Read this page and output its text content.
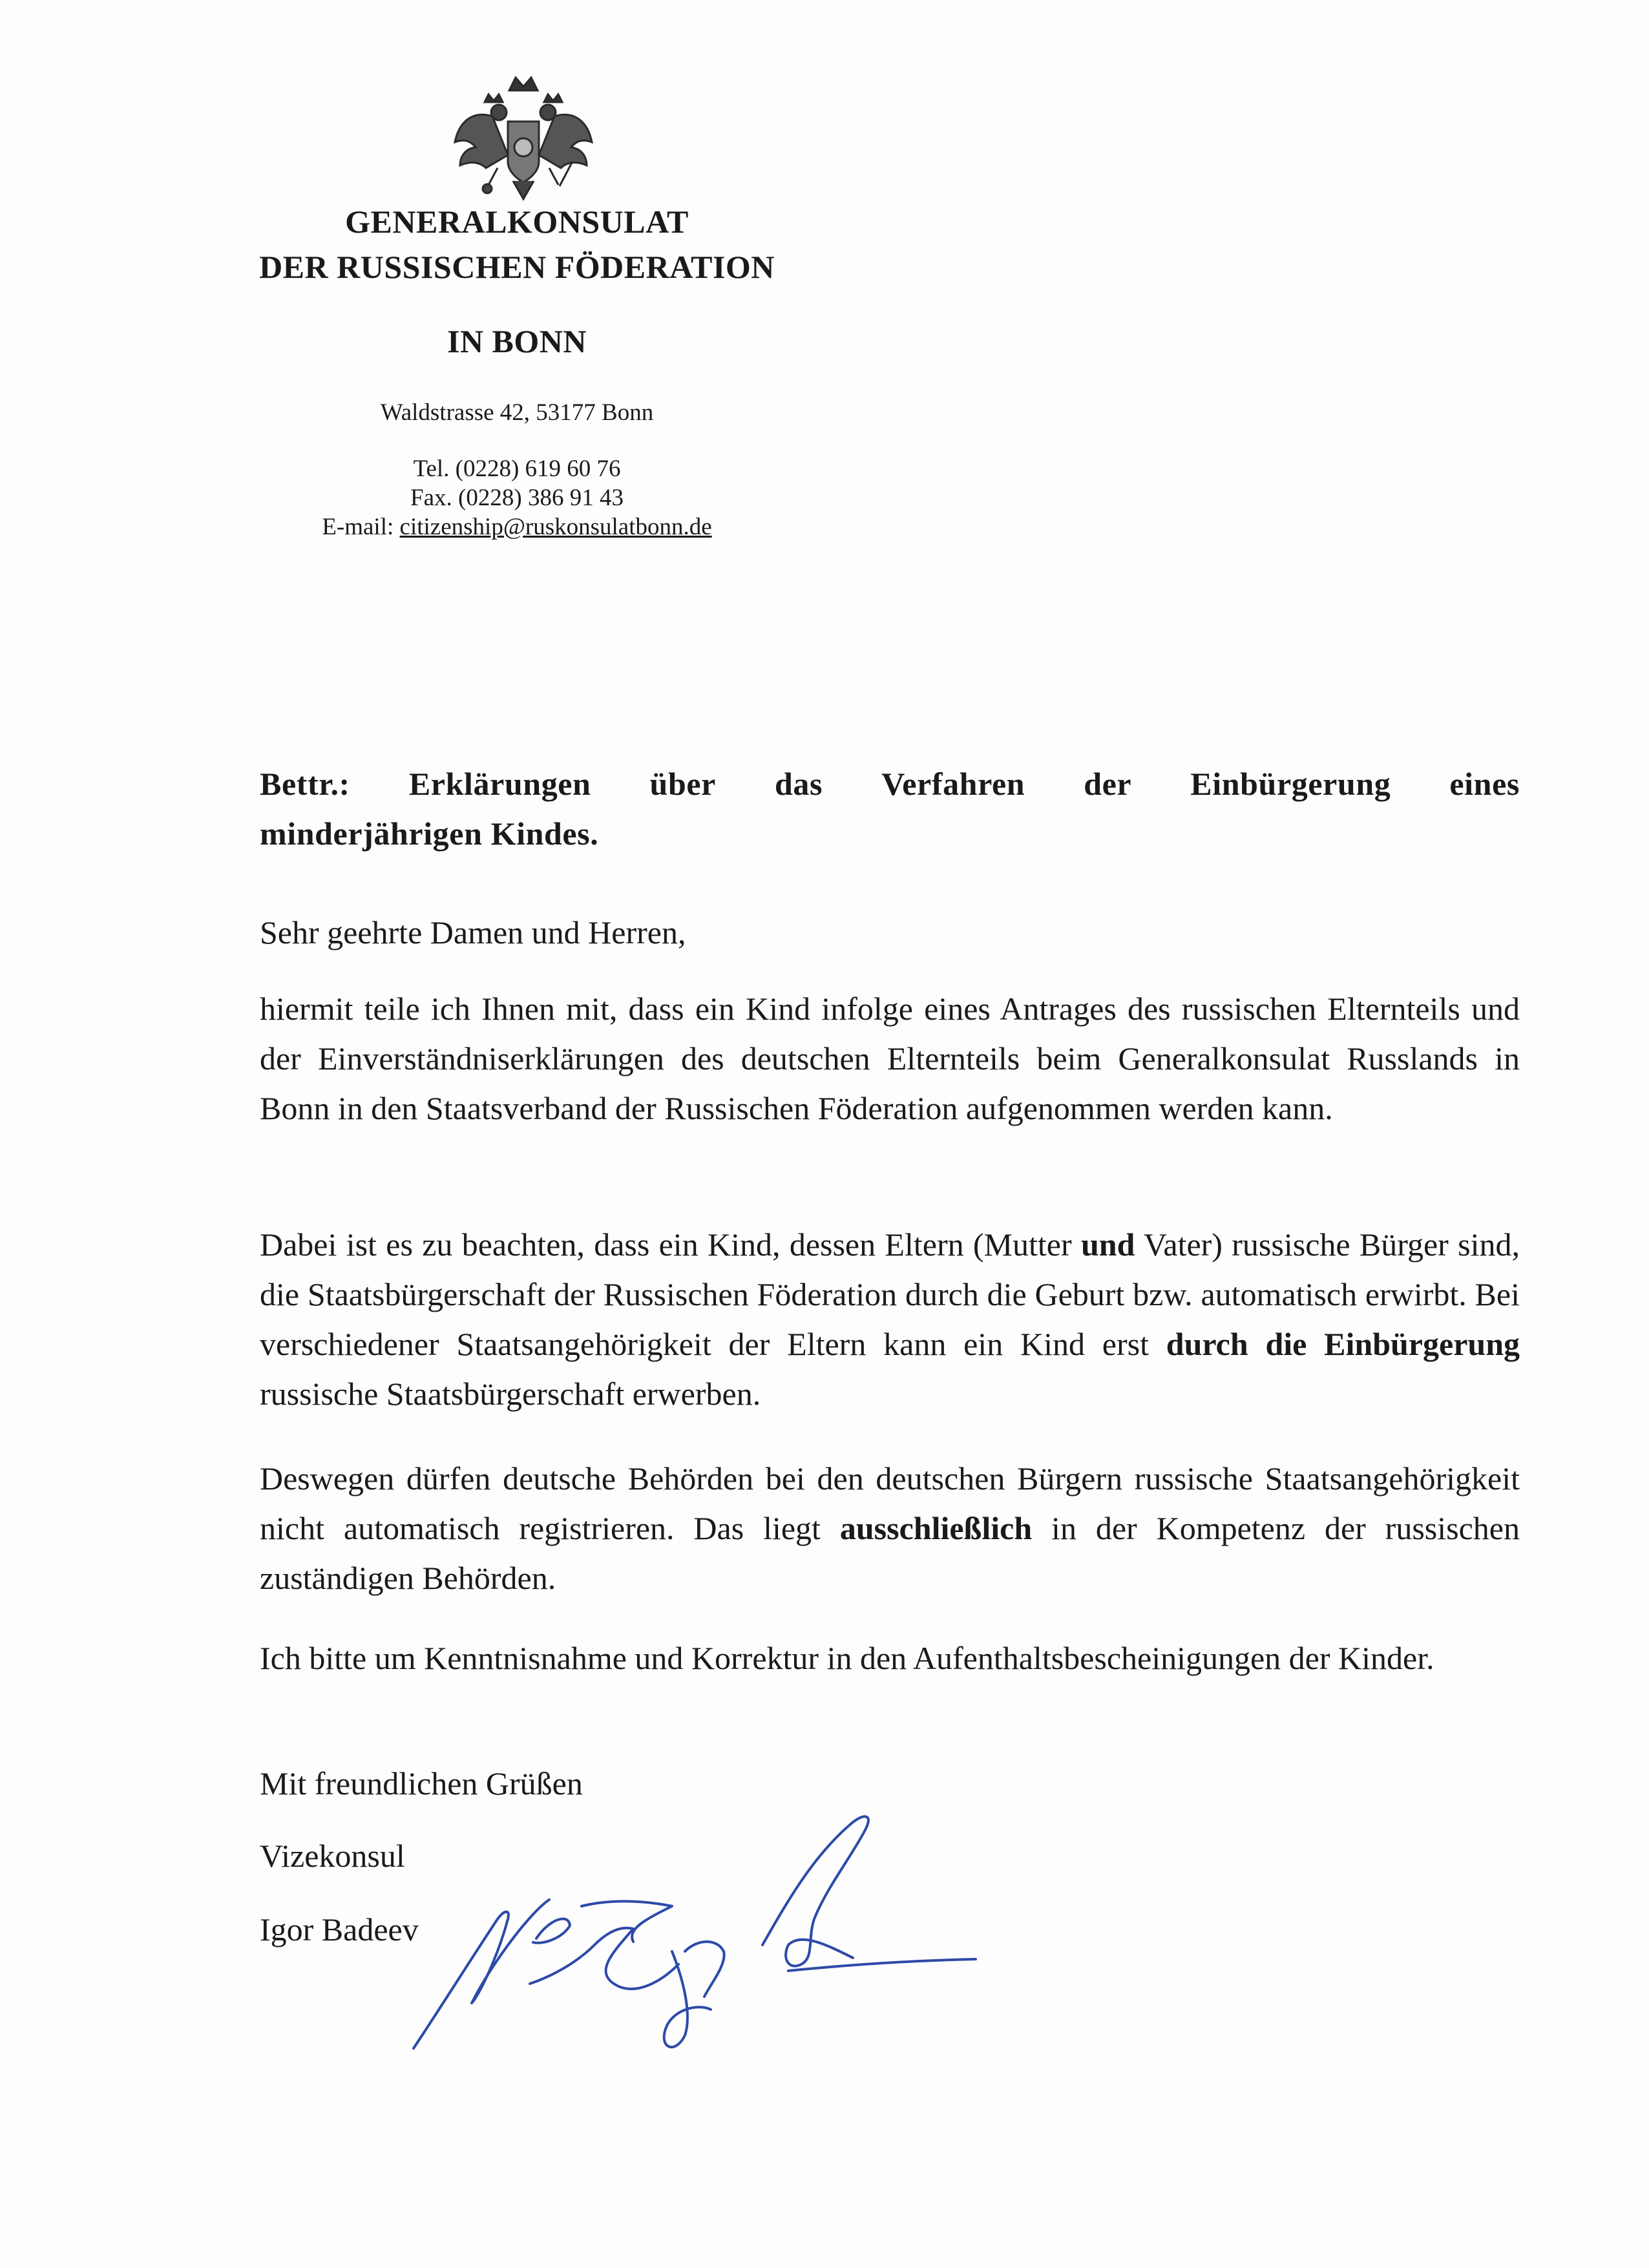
GENERALKONSULAT
DER RUSSISCHEN FÖDERATION
IN BONN
Waldstrasse 42, 53177 Bonn
Tel. (0228) 619 60 76
Fax. (0228) 386 91 43
E-mail: citizenship@ruskonsulatbonn.de
Bettr.: Erklärungen über das Verfahren der Einbürgerung eines
minderjährigen Kindes.
Sehr geehrte Damen und Herren,
hiermit teile ich Ihnen mit, dass ein Kind infolge eines Antrages des russischen Elternteils und der Einverständniserklärungen des deutschen Elternteils beim Generalkonsulat Russlands in Bonn in den Staatsverband der Russischen Föderation aufgenommen werden kann.
Dabei ist es zu beachten, dass ein Kind, dessen Eltern (Mutter und Vater) russische Bürger sind, die Staatsbürgerschaft der Russischen Föderation durch die Geburt bzw. automatisch erwirbt. Bei verschiedener Staatsangehörigkeit der Eltern kann ein Kind erst durch die Einbürgerung russische Staatsbürgerschaft erwerben.
Deswegen dürfen deutsche Behörden bei den deutschen Bürgern russische Staatsangehörigkeit nicht automatisch registrieren. Das liegt ausschließlich in der Kompetenz der russischen zuständigen Behörden.
Ich bitte um Kenntnisnahme und Korrektur in den Aufenthaltsbescheinigungen der Kinder.
Mit freundlichen Grüßen
Vizekonsul
Igor Badeev
